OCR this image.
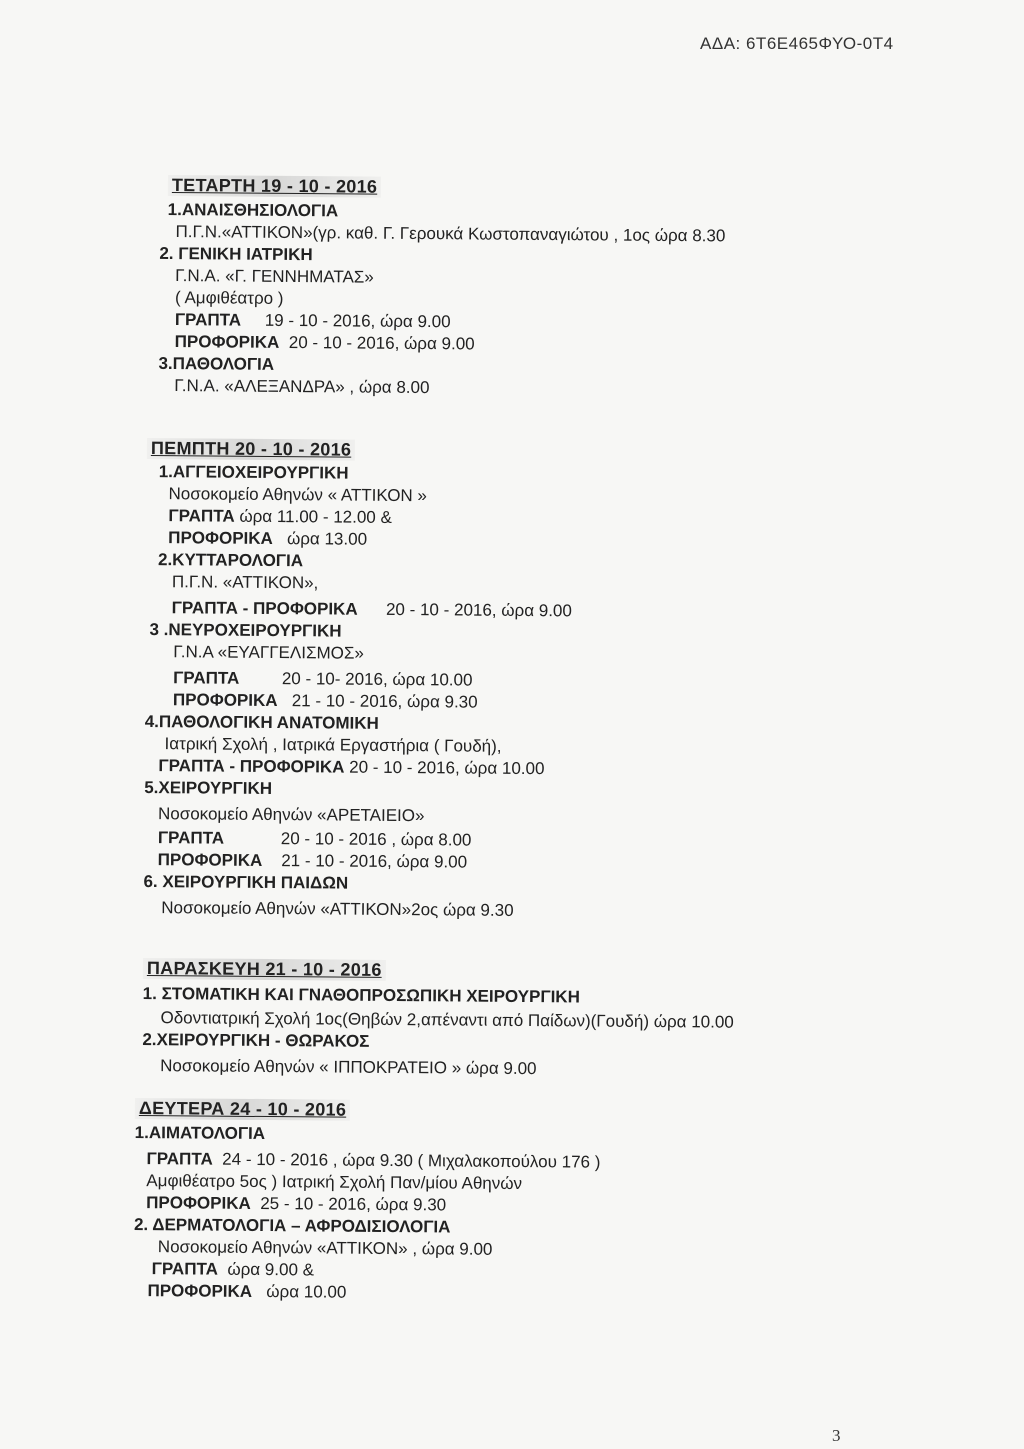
ΑΔΑ: 6Τ6Ε465ΦΥΟ-0Τ4
ΤΕΤΑΡΤΗ 19 - 10 - 2016
1.ΑΝΑΙΣΘΗΣΙΟΛΟΓΙΑ
Π.Γ.Ν.«ΑΤΤΙΚΟΝ»(γρ. καθ. Γ. Γερουκά Κωστοπαναγιώτου , 1ος ώρα 8.30
2. ΓΕΝΙΚΗ ΙΑΤΡΙΚΗ
Γ.Ν.Α. «Γ. ΓΕΝΝΗΜΑΤΑΣ»
( Αμφιθέατρο )
ΓΡΑΠΤΑ 19 - 10 - 2016, ώρα 9.00
ΠΡΟΦΟΡΙΚΑ 20 - 10 - 2016, ώρα 9.00
3.ΠΑΘΟΛΟΓΙΑ
Γ.Ν.Α. «ΑΛΕΞΑΝΔΡΑ» , ώρα 8.00
ΠΕΜΠΤΗ 20 - 10 - 2016
1.ΑΓΓΕΙΟΧΕΙΡΟΥΡΓΙΚΗ
Νοσοκομείο Αθηνών « ΑΤΤΙΚΟΝ »
ΓΡΑΠΤΑ ώρα 11.00 - 12.00 &
ΠΡΟΦΟΡΙΚΑ ώρα 13.00
2.ΚΥΤΤΑΡΟΛΟΓΙΑ
Π.Γ.Ν. «ΑΤΤΙΚΟΝ»,
ΓΡΑΠΤΑ - ΠΡΟΦΟΡΙΚΑ 20 - 10 - 2016, ώρα 9.00
3 .ΝΕΥΡΟΧΕΙΡΟΥΡΓΙΚΗ
Γ.Ν.Α «ΕΥΑΓΓΕΛΙΣΜΟΣ»
ΓΡΑΠΤΑ 20 - 10- 2016, ώρα 10.00
ΠΡΟΦΟΡΙΚΑ 21 - 10 - 2016, ώρα 9.30
4.ΠΑΘΟΛΟΓΙΚΗ ΑΝΑΤΟΜΙΚΗ
Ιατρική Σχολή , Ιατρικά Εργαστήρια ( Γουδή),
ΓΡΑΠΤΑ - ΠΡΟΦΟΡΙΚΑ 20 - 10 - 2016, ώρα 10.00
5.ΧΕΙΡΟΥΡΓΙΚΗ
Νοσοκομείο Αθηνών «ΑΡΕΤΑΙΕΙΟ»
ΓΡΑΠΤΑ	20 - 10 - 2016 , ώρα 8.00
ΠΡΟΦΟΡΙΚΑ 21 - 10 - 2016, ώρα 9.00
6. ΧΕΙΡΟΥΡΓΙΚΗ ΠΑΙΔΩΝ
Νοσοκομείο Αθηνών «ΑΤΤΙΚΟΝ»2ος ώρα 9.30
ΠΑΡΑΣΚΕΥΗ 21 - 10 - 2016
1. ΣΤΟΜΑΤΙΚΗ ΚΑΙ ΓΝΑΘΟΠΡΟΣΩΠΙΚΗ ΧΕΙΡΟΥΡΓΙΚΗ
Οδοντιατρική Σχολή 1ος(Θηβών 2,απέναντι από Παίδων)(Γουδή) ώρα 10.00
2.ΧΕΙΡΟΥΡΓΙΚΗ - ΘΩΡΑΚΟΣ
Νοσοκομείο Αθηνών « ΙΠΠΟΚΡΑΤΕΙΟ » ώρα 9.00
ΔΕΥΤΕΡΑ 24 - 10 - 2016
1.ΑΙΜΑΤΟΛΟΓΙΑ
ΓΡΑΠΤΑ 24 - 10 - 2016 , ώρα 9.30 ( Μιχαλακοπούλου 176 )
Αμφιθέατρο 5ος ) Ιατρική Σχολή Παν/μίου Αθηνών
ΠΡΟΦΟΡΙΚΑ 25 - 10 - 2016, ώρα 9.30
2. ΔΕΡΜΑΤΟΛΟΓΙΑ – ΑΦΡΟΔΙΣΙΟΛΟΓΙΑ
Νοσοκομείο Αθηνών «ΑΤΤΙΚΟΝ» , ώρα 9.00
ΓΡΑΠΤΑ ώρα 9.00 &
ΠΡΟΦΟΡΙΚΑ ώρα 10.00
3
